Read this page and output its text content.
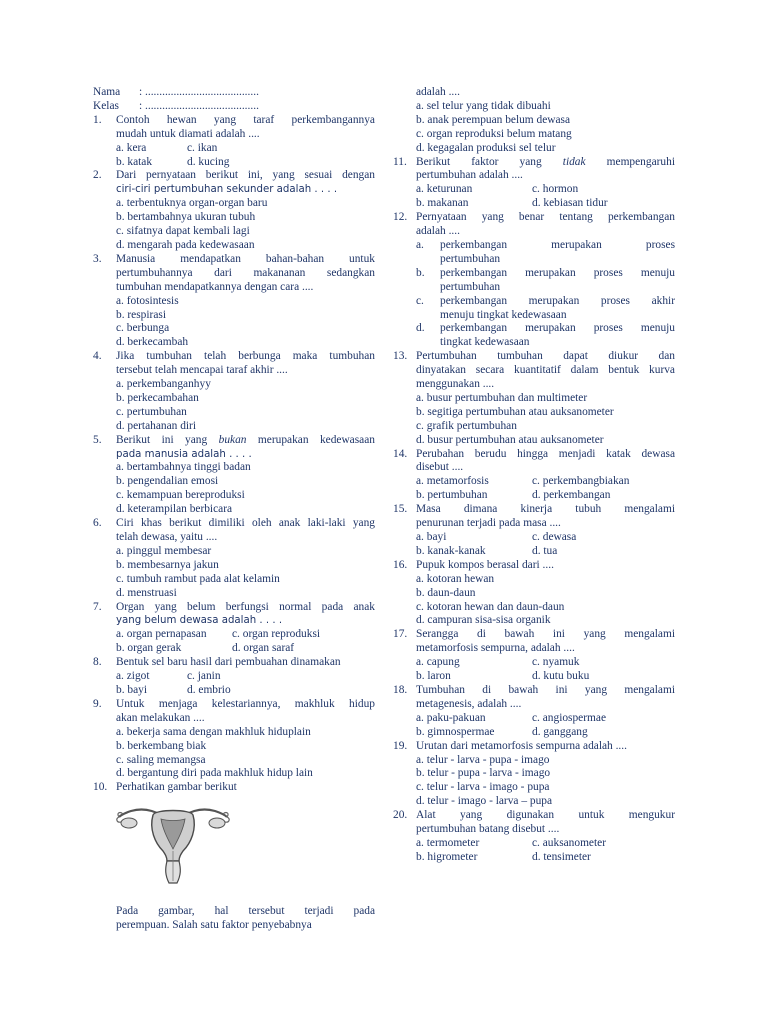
Nama	: ........................................
Kelas	: ........................................
1.	Contoh hewan yang taraf perkembangannya
mudah untuk diamati adalah ....
a. kera	c. ikan
b. katak	d. kucing
2.	Dari pernyataan berikut ini, yang sesuai dengan
ciri-ciri pertumbuhan sekunder adalah . . . .
a. terbentuknya organ-organ baru
b. bertambahnya ukuran tubuh
c. sifatnya dapat kembali lagi
d. mengarah pada kedewasaan
3.	Manusia mendapatkan bahan-bahan untuk
pertumbuhannya dari makananan sedangkan
tumbuhan mendapatkannya dengan cara ....
a. fotosintesis
b. respirasi
c. berbunga
d. berkecambah
4.	Jika tumbuhan telah berbunga maka tumbuhan
tersebut telah mencapai taraf akhir ....
a. perkembanganhyy
b. perkecambahan
c. pertumbuhan
d. pertahanan diri
5.	Berikut ini yang bukan merupakan kedewasaan
pada manusia adalah . . . .
a. bertambahnya tinggi badan
b. pengendalian emosi
c. kemampuan bereproduksi
d. keterampilan berbicara
6.	Ciri khas berikut dimiliki oleh anak laki-laki yang
telah dewasa, yaitu ....
a. pinggul membesar
b. membesarnya jakun
c. tumbuh rambut pada alat kelamin
d. menstruasi
7.	Organ yang belum berfungsi normal pada anak
yang belum dewasa adalah . . . .
a. organ pernapasan	c. organ reproduksi
b. organ gerak	d. organ saraf
8.	Bentuk sel baru hasil dari pembuahan dinamakan
a. zigot	c. janin
b. bayi	d. embrio
9.	Untuk menjaga kelestariannya, makhluk hidup
akan melakukan ....
a. bekerja sama dengan makhluk hiduplain
b. berkembang biak
c. saling memangsa
d. bergantung diri pada makhluk hidup lain
10. Perhatikan gambar berikut
Pada gambar, hal tersebut terjadi pada
perempuan. Salah satu faktor penyebabnya
adalah ....
a. sel telur yang tidak dibuahi
b. anak perempuan belum dewasa
c. organ reproduksi belum matang
d. kegagalan produksi sel telur
11. Berikut faktor yang tidak mempengaruhi
pertumbuhan adalah ....
a. keturunan	c. hormon
b. makanan	d. kebiasan tidur
12. Pernyataan yang benar tentang perkembangan
adalah ....
a.	perkembangan merupakan proses
pertumbuhan
b.	perkembangan merupakan proses menuju
pertumbuhan
c.	perkembangan merupakan proses akhir
menuju tingkat kedewasaan
d.	perkembangan merupakan proses menuju
tingkat kedewasaan
13. Pertumbuhan tumbuhan dapat diukur dan
dinyatakan secara kuantitatif dalam bentuk kurva
menggunakan ....
a. busur pertumbuhan dan multimeter
b. segitiga pertumbuhan atau auksanometer
c. grafik pertumbuhan
d. busur pertumbuhan atau auksanometer
14. Perubahan berudu hingga menjadi katak dewasa
disebut ....
a. metamorfosis	c. perkembangbiakan
b. pertumbuhan	d. perkembangan
15. Masa dimana kinerja tubuh mengalami
penurunan terjadi pada masa ....
a. bayi	c. dewasa
b. kanak-kanak	d. tua
16. Pupuk kompos berasal dari ....
a. kotoran hewan
b. daun-daun
c. kotoran hewan dan daun-daun
d. campuran sisa-sisa organik
17. Serangga di bawah ini yang mengalami
metamorfosis sempurna, adalah ....
a. capung	c. nyamuk
b. laron	d. kutu buku
18. Tumbuhan di bawah ini yang mengalami
metagenesis, adalah ....
a. paku-pakuan	c. angiospermae
b. gimnospermae	d. ganggang
19. Urutan dari metamorfosis sempurna adalah ....
a. telur - larva - pupa - imago
b. telur - pupa - larva - imago
c. telur - larva - imago - pupa
d. telur - imago - larva – pupa
20. Alat yang digunakan untuk mengukur
pertumbuhan batang disebut ....
a. termometer	c. auksanometer
b. higrometer	d. tensimeter
